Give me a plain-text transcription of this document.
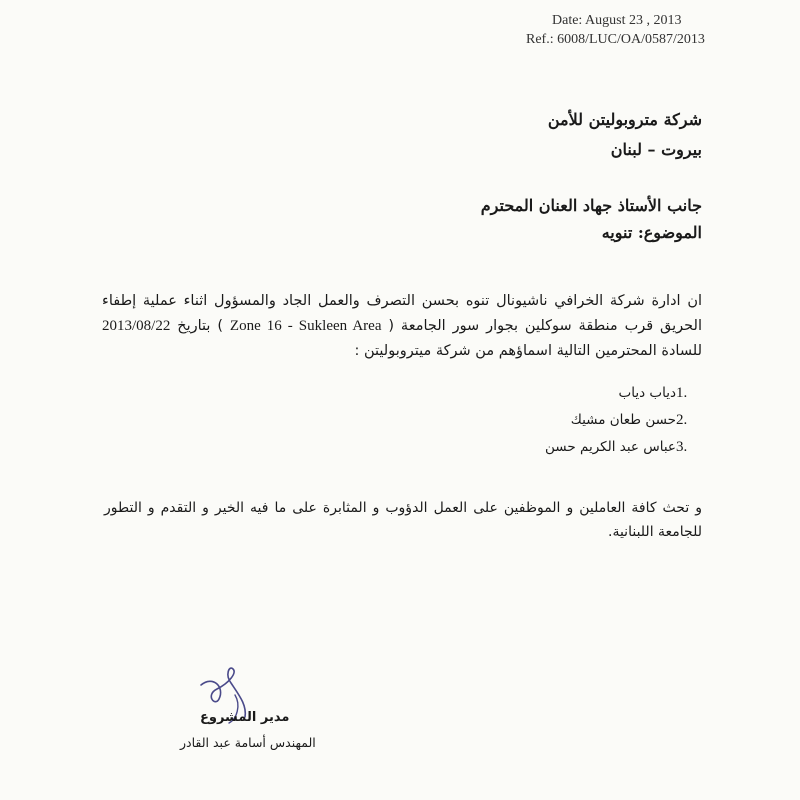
Date: August 23 , 2013
Ref.: 6008/LUC/OA/0587/2013
شركة متروبوليتن للأمن
بيروت – لبنان
جانب الأستاذ جهاد العنان المحترم
الموضوع: تنويه
ان ادارة شركة الخرافي ناشيونال تنوه بحسن التصرف والعمل الجاد والمسؤول اثناء عملية إطفاء الحريق قرب منطقة سوكلين بجوار سور الجامعة ( Zone 16 - Sukleen Area ) بتاريخ 2013/08/22 للسادة المحترمين التالية اسماؤهم من شركة ميتروبوليتن :
1.
دياب دياب
2.
حسن طعان مشيك
3.
عباس عبد الكريم حسن
و تحث كافة العاملين و الموظفين على العمل الدؤوب و المثابرة على ما فيه الخير و التقدم و التطور للجامعة اللبنانية.
مدير المشروع
المهندس أسامة عبد القادر
